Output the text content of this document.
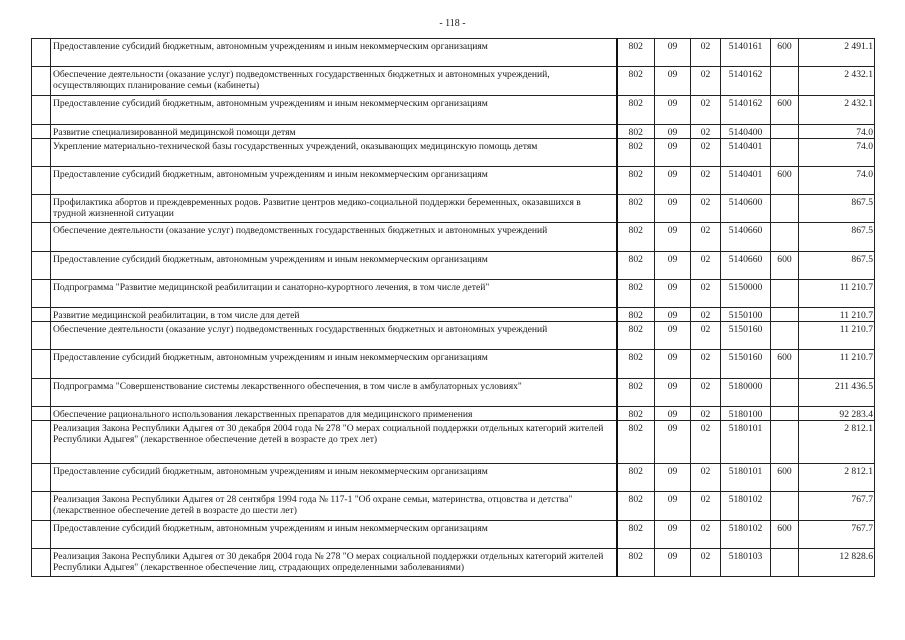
- 118 -
	Предоставление субсидий бюджетным, автономным учреждениям и иным некоммерческим организациям	802	09	02	5140161	600	2 491.1
	Обеспечение деятельности (оказание услуг) подведомственных государственных бюджетных и автономных учреждений, осуществляющих планирование семьи (кабинеты)	802	09	02	5140162		2 432.1
	Предоставление субсидий бюджетным, автономным учреждениям и иным некоммерческим организациям	802	09	02	5140162	600	2 432.1
	Развитие специализированной медицинской помощи детям	802	09	02	5140400		74.0
	Укрепление материально-технической базы государственных учреждений, оказывающих медицинскую помощь детям	802	09	02	5140401		74.0
	Предоставление субсидий бюджетным, автономным учреждениям и иным некоммерческим организациям	802	09	02	5140401	600	74.0
	Профилактика абортов и преждевременных родов. Развитие центров медико-социальной поддержки беременных, оказавшихся в трудной жизненной ситуации	802	09	02	5140600		867.5
	Обеспечение деятельности (оказание услуг) подведомственных государственных бюджетных и автономных учреждений	802	09	02	5140660		867.5
	Предоставление субсидий бюджетным, автономным учреждениям и иным некоммерческим организациям	802	09	02	5140660	600	867.5
	Подпрограмма "Развитие медицинской реабилитации и санаторно-курортного лечения, в том числе детей"	802	09	02	5150000		11 210.7
	Развитие медицинской реабилитации, в том числе для детей	802	09	02	5150100		11 210.7
	Обеспечение деятельности (оказание услуг) подведомственных государственных бюджетных и автономных учреждений	802	09	02	5150160		11 210.7
	Предоставление субсидий бюджетным, автономным учреждениям и иным некоммерческим организациям	802	09	02	5150160	600	11 210.7
	Подпрограмма "Совершенствование системы лекарственного обеспечения, в том числе в амбулаторных условиях"	802	09	02	5180000		211 436.5
	Обеспечение рационального использования лекарственных препаратов для медицинского применения	802	09	02	5180100		92 283.4
	Реализация Закона Республики Адыгея от 30 декабря 2004 года № 278 "О мерах социальной поддержки отдельных категорий жителей Республики Адыгея" (лекарственное обеспечение детей в возрасте до трех лет)	802	09	02	5180101		2 812.1
	Предоставление субсидий бюджетным, автономным учреждениям и иным некоммерческим организациям	802	09	02	5180101	600	2 812.1
	Реализация Закона Республики Адыгея от 28 сентября 1994 года № 117-1 "Об охране семьи, материнства, отцовства и детства" (лекарственное обеспечение детей в возрасте до шести лет)	802	09	02	5180102		767.7
	Предоставление субсидий бюджетным, автономным учреждениям и иным некоммерческим организациям	802	09	02	5180102	600	767.7
	Реализация Закона Республики Адыгея от 30 декабря 2004 года № 278 "О мерах социальной поддержки отдельных категорий жителей Республики Адыгея" (лекарственное обеспечение лиц, страдающих определенными заболеваниями)	802	09	02	5180103		12 828.6
